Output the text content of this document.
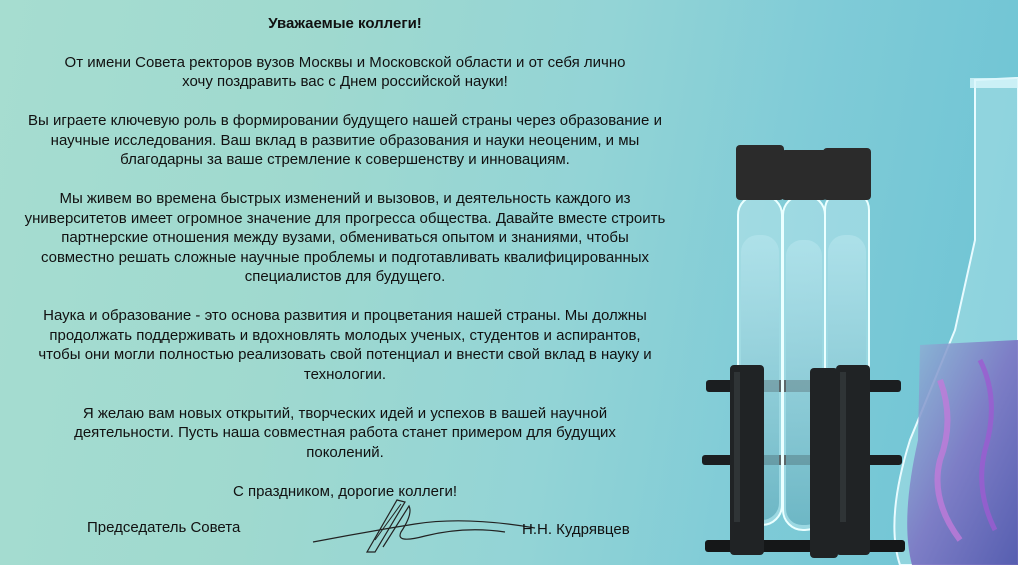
Уважаемые коллеги!

От имени Совета ректоров вузов Москвы и Московской области и от себя лично хочу поздравить вас с Днем российской науки!

Вы играете ключевую роль в формировании будущего нашей страны через образование и научные исследования. Ваш вклад в развитие образования и науки неоценим, и мы благодарны за ваше стремление к совершенству и инновациям.

Мы живем во времена быстрых изменений и вызовов, и деятельность каждого из университетов имеет огромное значение для прогресса общества. Давайте вместе строить партнерские отношения между вузами, обмениваться опытом и знаниями, чтобы совместно решать сложные научные проблемы и подготавливать квалифицированных специалистов для будущего.

Наука и образование - это основа развития и процветания нашей страны. Мы должны продолжать поддерживать и вдохновлять молодых ученых, студентов и аспирантов, чтобы они могли полностью реализовать свой потенциал и внести свой вклад в науку и технологии.

Я желаю вам новых открытий, творческих идей и успехов в вашей научной деятельности. Пусть наша совместная работа станет примером для будущих поколений.

С праздником, дорогие коллеги!

Председатель Совета	Н.Н. Кудрявцев
